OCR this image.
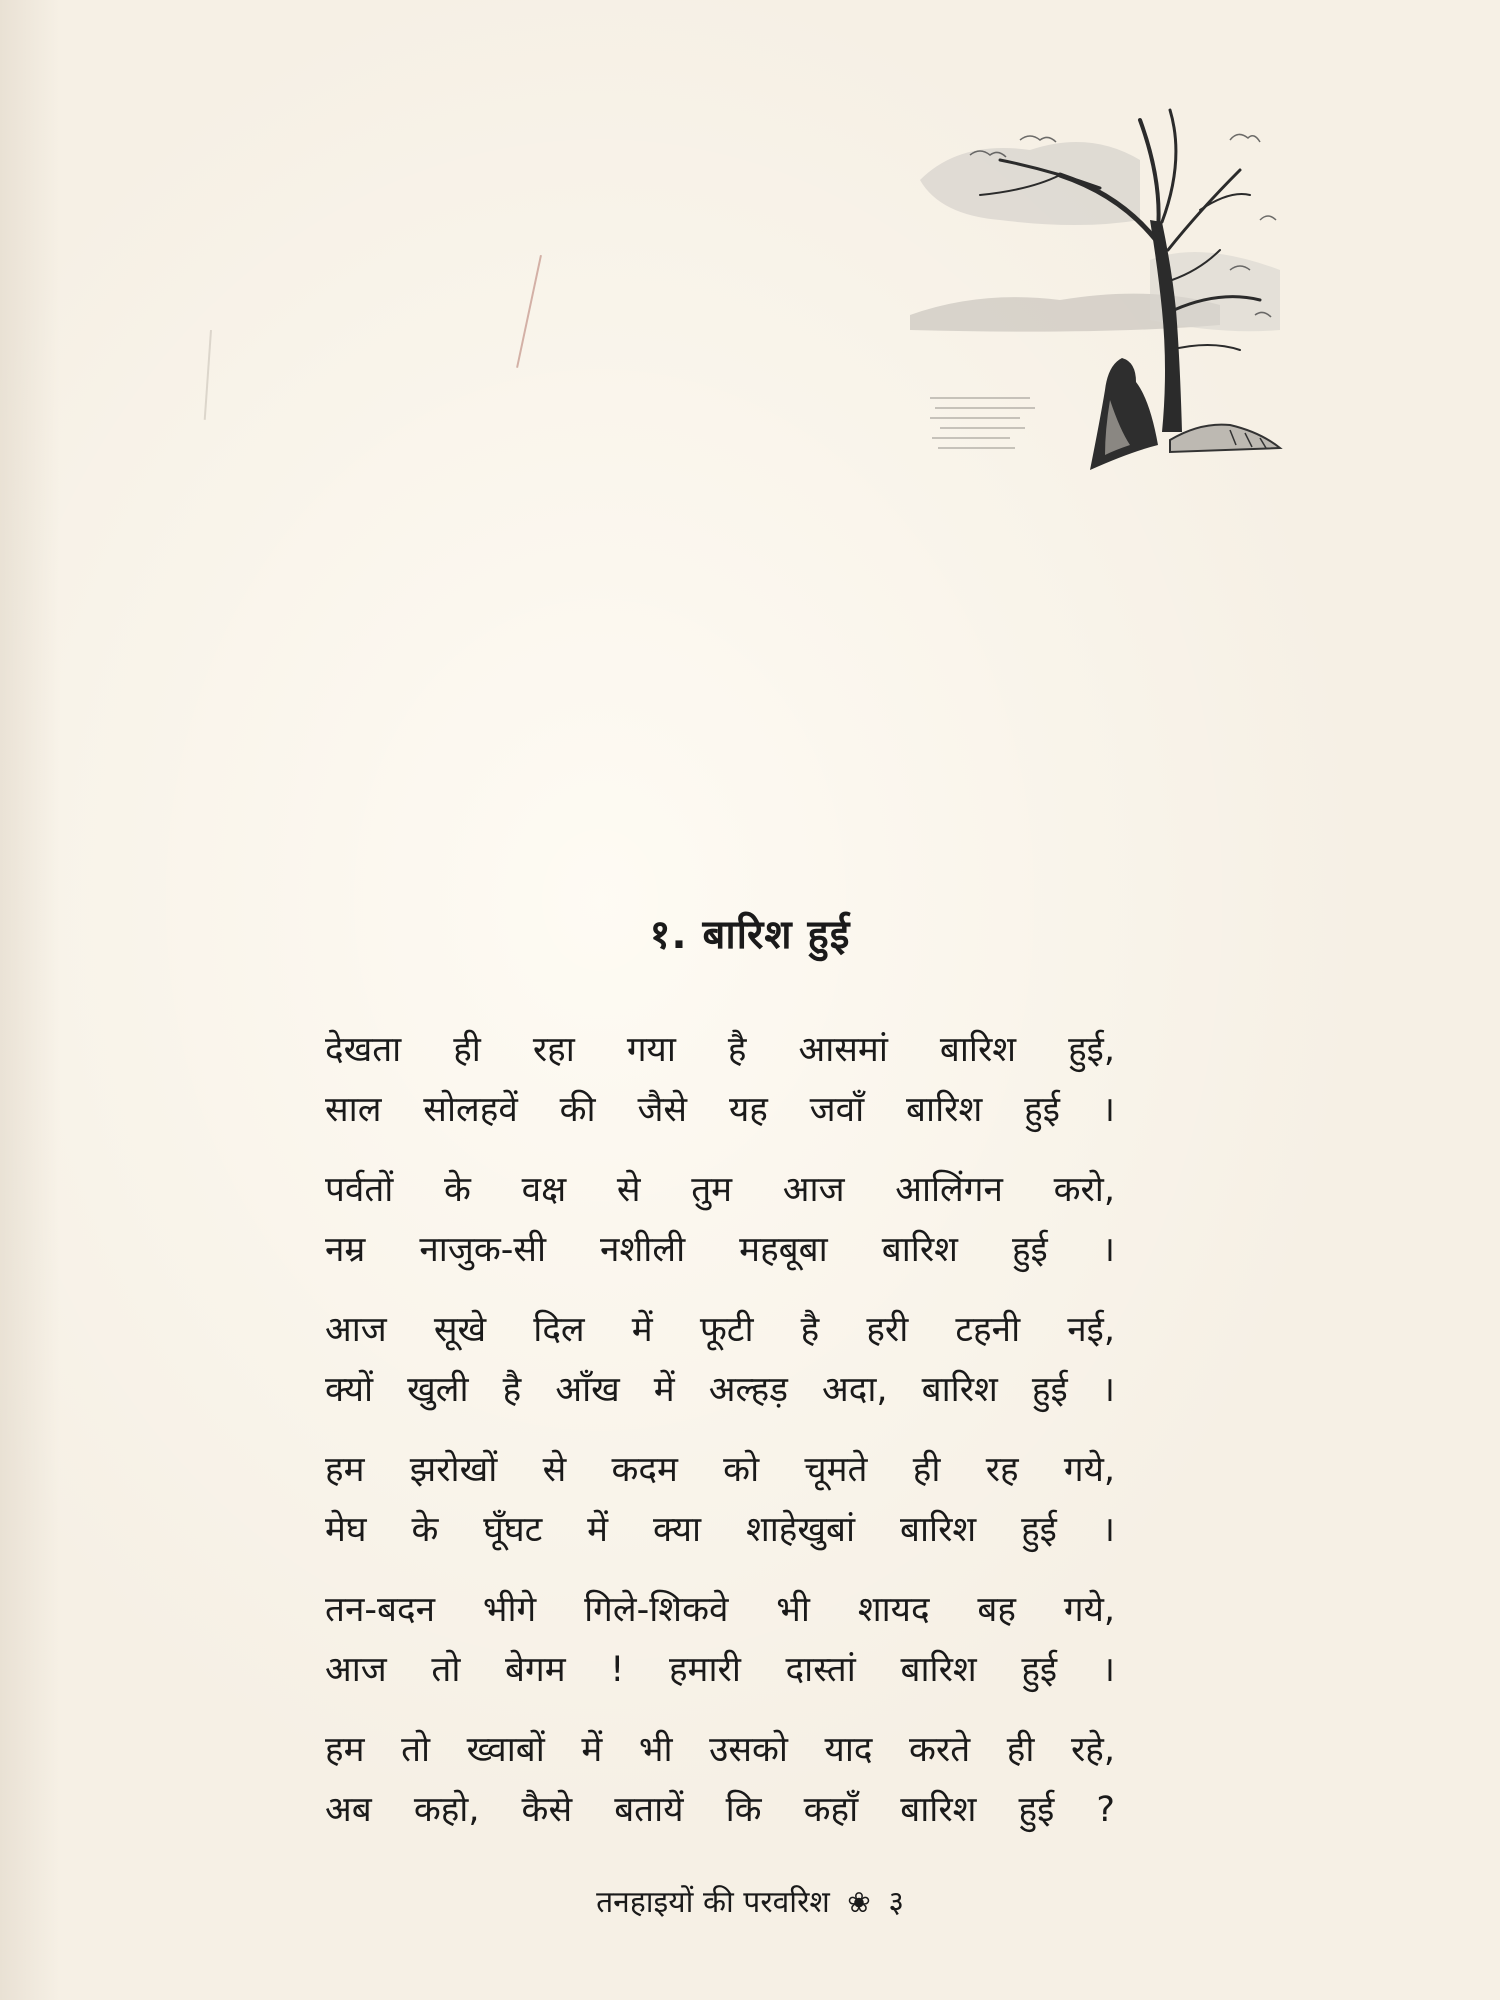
१. बारिश हुई
देखता ही रहा गया है आसमां बारिश हुई,
साल सोलहवें की जैसे यह जवाँ बारिश हुई ।
पर्वतों के वक्ष से तुम आज आलिंगन करो,
नम्र नाजुक-सी नशीली महबूबा बारिश हुई ।
आज सूखे दिल में फूटी है हरी टहनी नई,
क्यों खुली है आँख में अल्हड़ अदा, बारिश हुई ।
हम झरोखों से कदम को चूमते ही रह गये,
मेघ के घूँघट में क्या शाहेखुबां बारिश हुई ।
तन-बदन भीगे गिले-शिकवे भी शायद बह गये,
आज तो बेगम ! हमारी दास्तां बारिश हुई ।
हम तो ख्वाबों में भी उसको याद करते ही रहे,
अब कहो, कैसे बतायें कि कहाँ बारिश हुई ?
तनहाइयों की परवरिश ❀ ३
